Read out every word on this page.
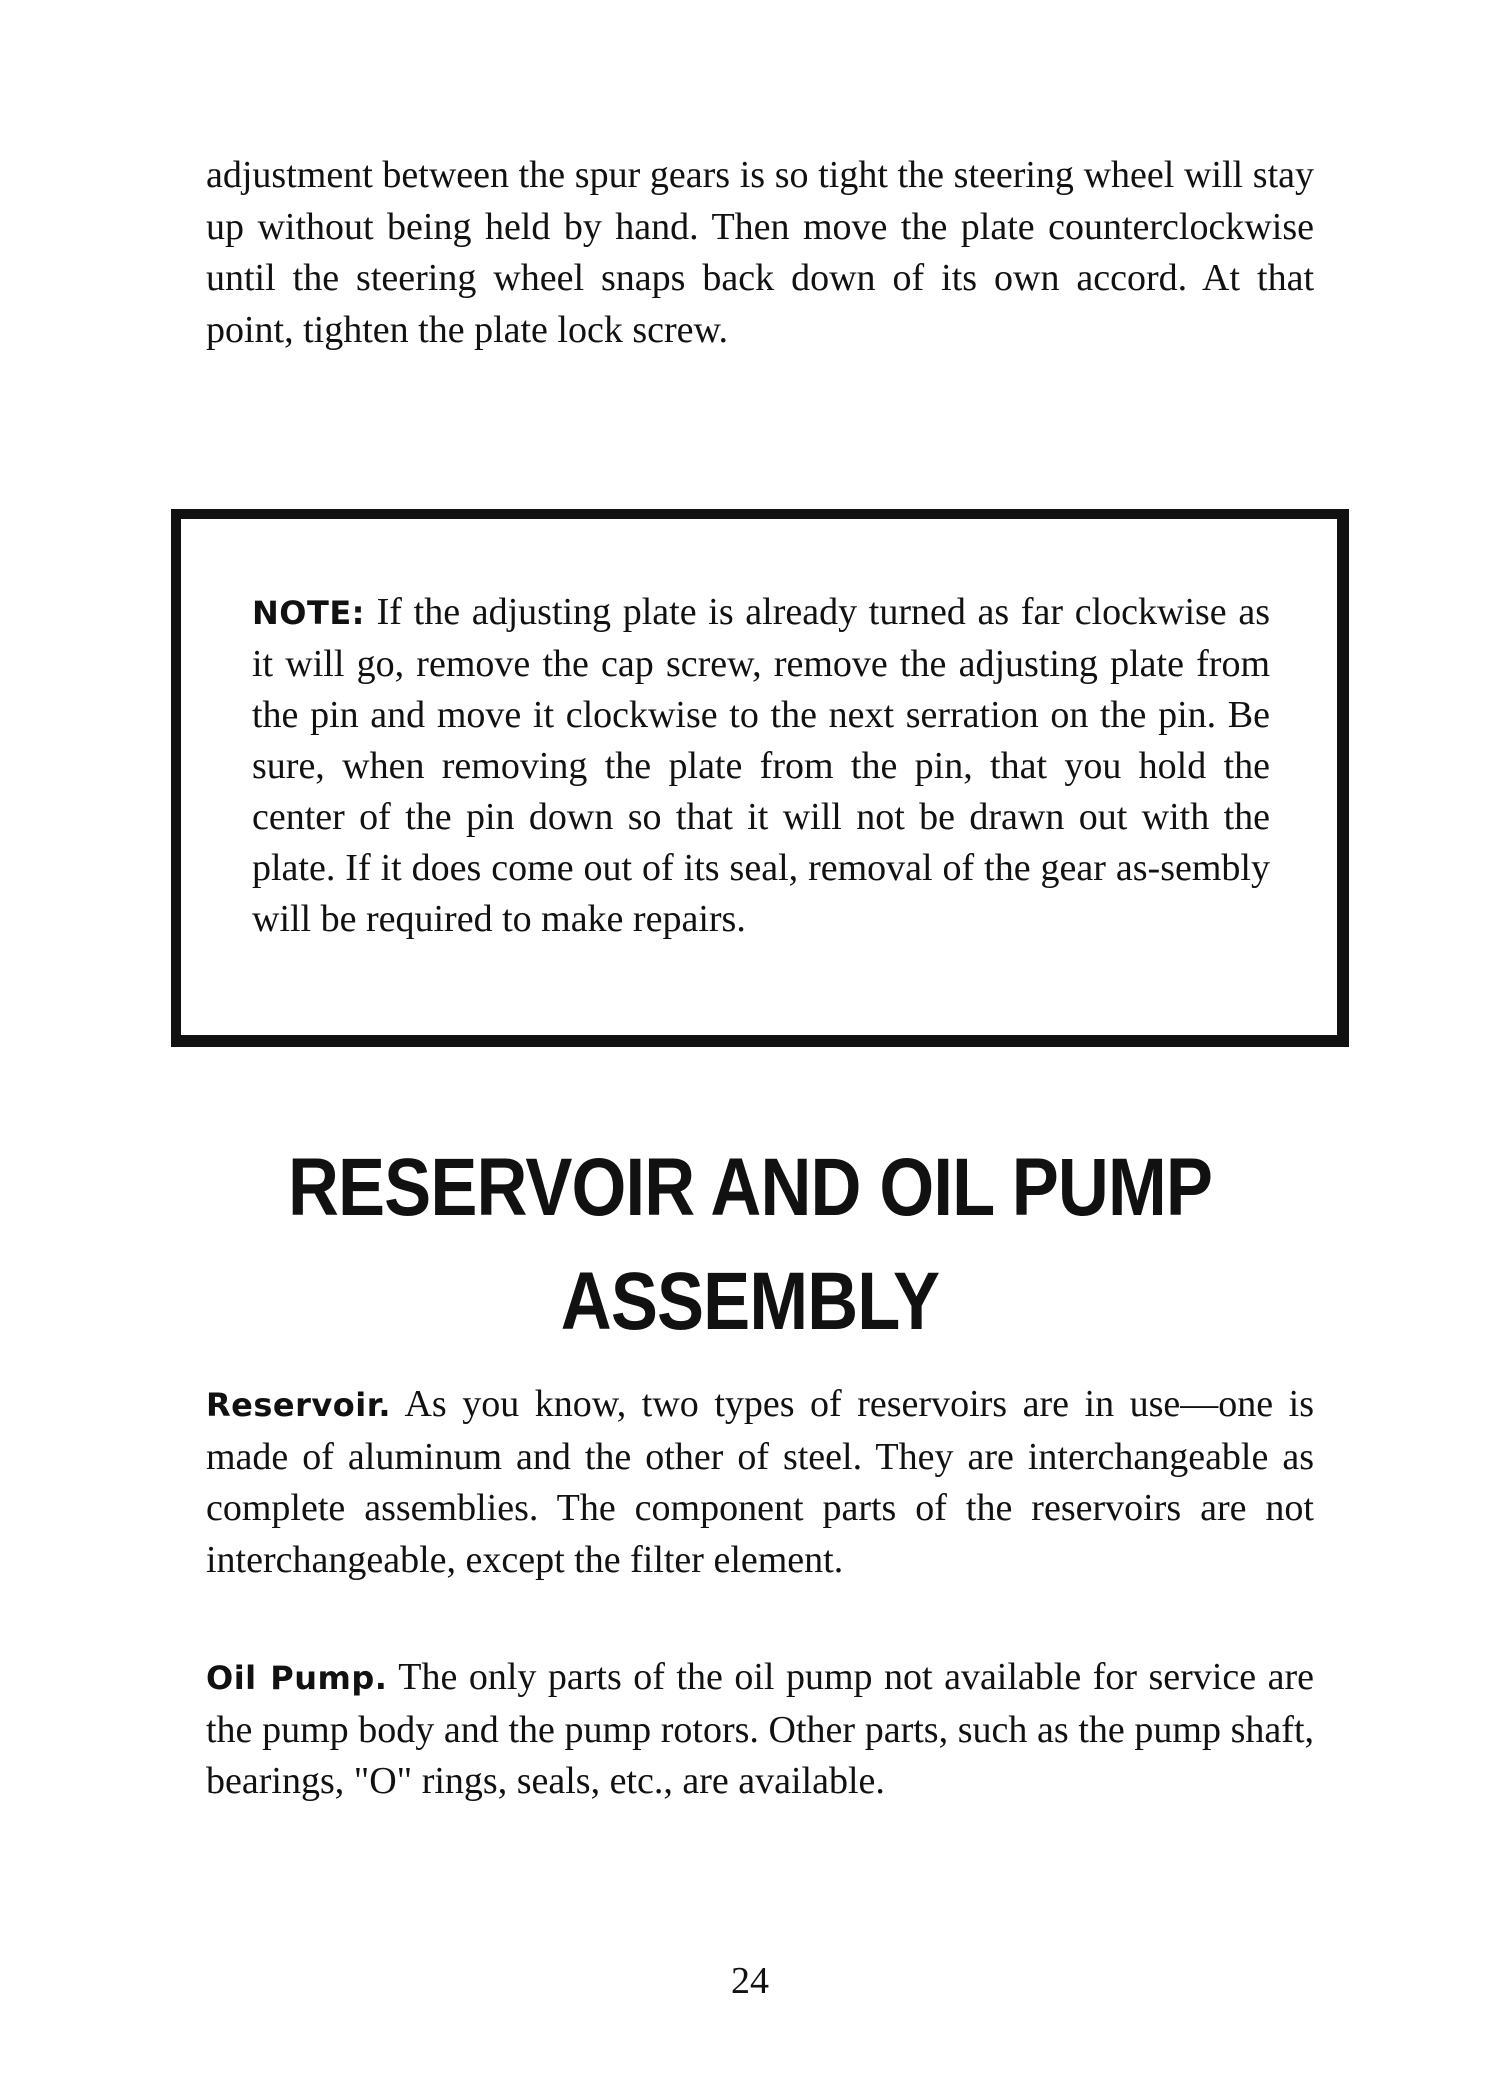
adjustment between the spur gears is so tight the steering wheel will stay up without being held by hand. Then move the plate counterclockwise until the steering wheel snaps back down of its own accord. At that point, tighten the plate lock screw.

NOTE: If the adjusting plate is already turned as far clockwise as it will go, remove the cap screw, remove the adjusting plate from the pin and move it clockwise to the next serration on the pin. Be sure, when removing the plate from the pin, that you hold the center of the pin down so that it will not be drawn out with the plate. If it does come out of its seal, removal of the gear as-sembly will be required to make repairs.

RESERVOIR AND OIL PUMP
ASSEMBLY

Reservoir. As you know, two types of reservoirs are in use—one is made of aluminum and the other of steel. They are interchangeable as complete assemblies. The component parts of the reservoirs are not interchangeable, except the filter element.

Oil Pump. The only parts of the oil pump not available for service are the pump body and the pump rotors. Other parts, such as the pump shaft, bearings, "O" rings, seals, etc., are available.

24
